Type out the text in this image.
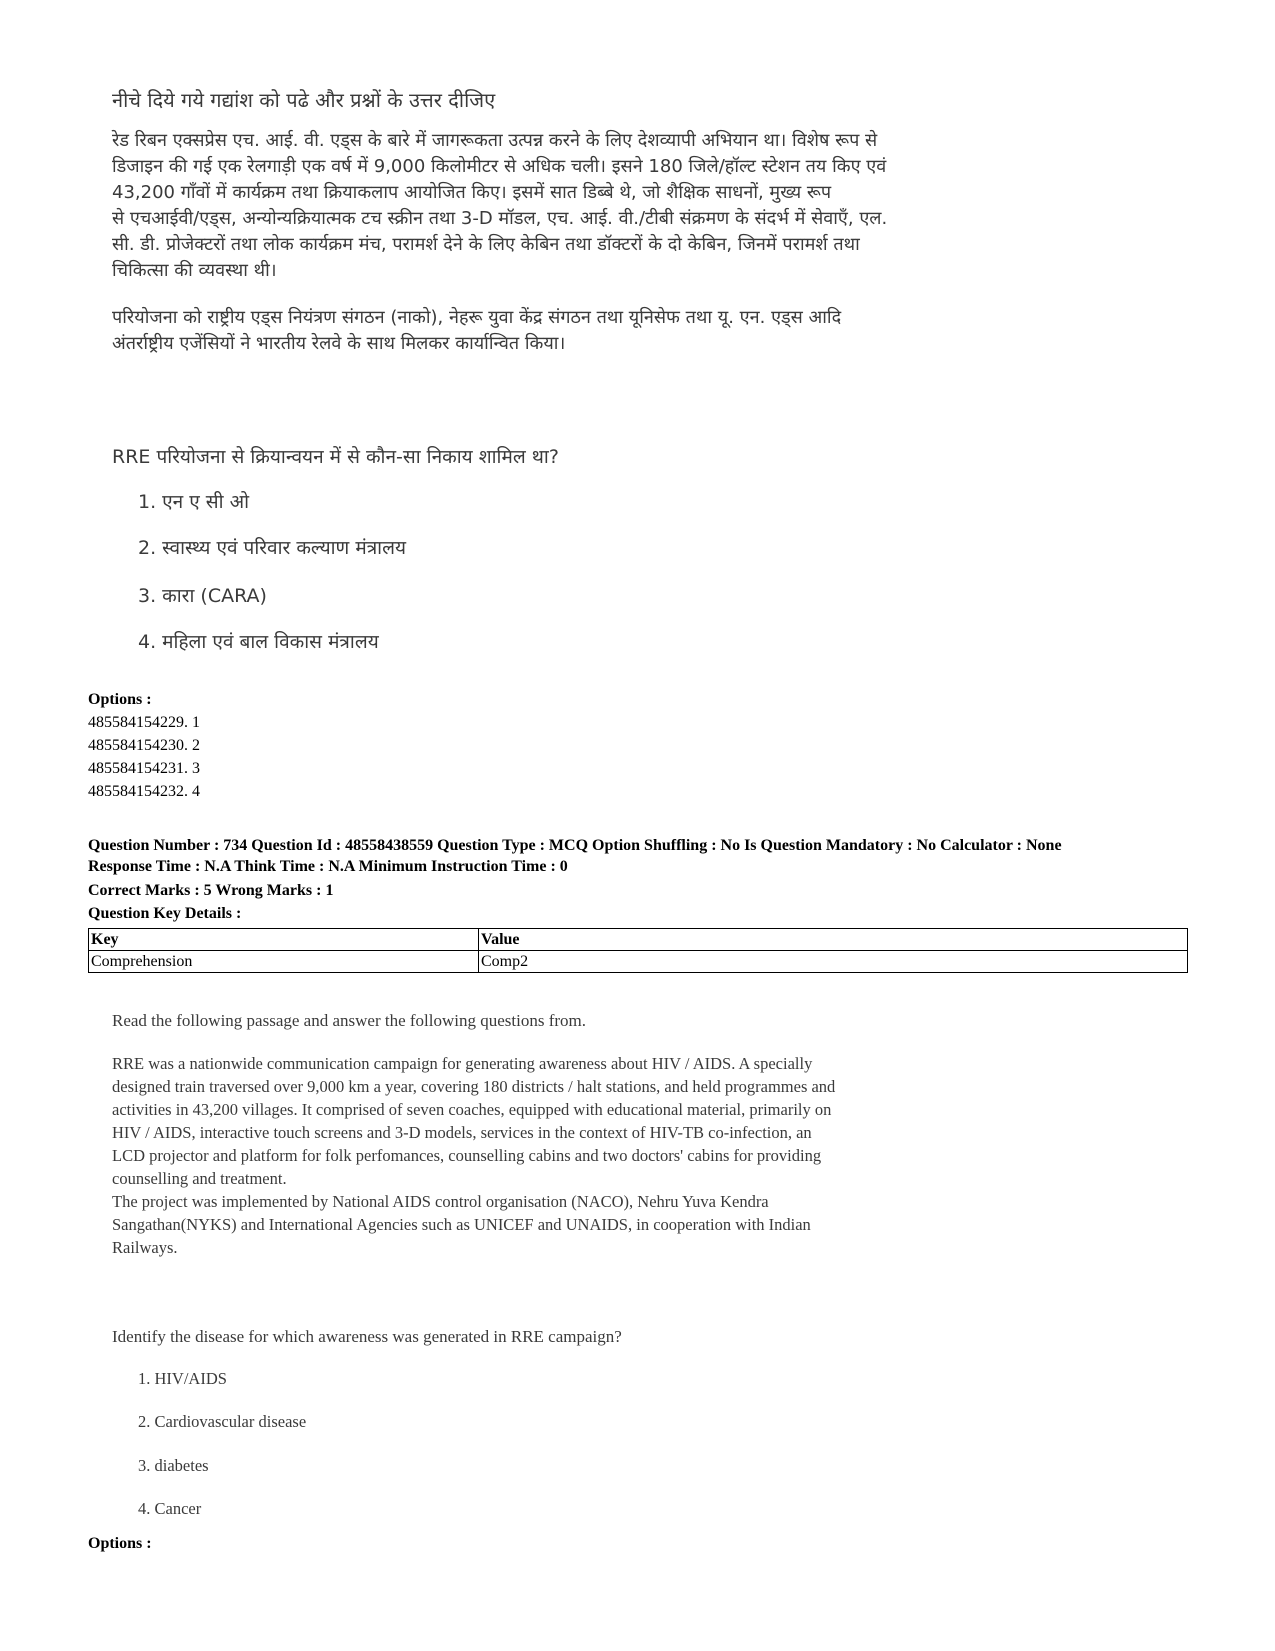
नीचे दिये गये गद्यांश को पढे और प्रश्नों के उत्तर दीजिए
रेड रिबन एक्सप्रेस एच. आई. वी. एड्स के बारे में जागरूकता उत्पन्न करने के लिए देशव्यापी अभियान था। विशेष रूप से
डिजाइन की गई एक रेलगाड़ी एक वर्ष में 9,000 किलोमीटर से अधिक चली। इसने 180 जिले/हॉल्ट स्टेशन तय किए एवं
43,200 गाँवों में कार्यक्रम तथा क्रियाकलाप आयोजित किए। इसमें सात डिब्बे थे, जो शैक्षिक साधनों, मुख्य रूप
से एचआईवी/एड्स, अन्योन्यक्रियात्मक टच स्क्रीन तथा 3-D मॉडल, एच. आई. वी./टीबी संक्रमण के संदर्भ में सेवाएँ, एल.
सी. डी. प्रोजेक्टरों तथा लोक कार्यक्रम मंच, परामर्श देने के लिए केबिन तथा डॉक्टरों के दो केबिन, जिनमें परामर्श तथा
चिकित्सा की व्यवस्था थी।
परियोजना को राष्ट्रीय एड्स नियंत्रण संगठन (नाको), नेहरू युवा केंद्र संगठन तथा यूनिसेफ तथा यू. एन. एड्स आदि
अंतर्राष्ट्रीय एजेंसियों ने भारतीय रेलवे के साथ मिलकर कार्यान्वित किया।
RRE परियोजना से क्रियान्वयन में से कौन-सा निकाय शामिल था?
1. एन ए सी ओ
2. स्वास्थ्य एवं परिवार कल्याण मंत्रालय
3. कारा (CARA)
4. महिला एवं बाल विकास मंत्रालय
Options :
485584154229. 1
485584154230. 2
485584154231. 3
485584154232. 4
Question Number : 734 Question Id : 48558438559 Question Type : MCQ Option Shuffling : No Is Question Mandatory : No Calculator : None
Response Time : N.A Think Time : N.A Minimum Instruction Time : 0
Correct Marks : 5 Wrong Marks : 1
Question Key Details :
Key	Value
Comprehension	Comp2
Read the following passage and answer the following questions from.
RRE was a nationwide communication campaign for generating awareness about HIV / AIDS. A specially
designed train traversed over 9,000 km a year, covering 180 districts / halt stations, and held programmes and
activities in 43,200 villages. It comprised of seven coaches, equipped with educational material, primarily on
HIV / AIDS, interactive touch screens and 3-D models, services in the context of HIV-TB co-infection, an
LCD projector and platform for folk perfomances, counselling cabins and two doctors' cabins for providing
counselling and treatment.
The project was implemented by National AIDS control organisation (NACO), Nehru Yuva Kendra
Sangathan(NYKS) and International Agencies such as UNICEF and UNAIDS, in cooperation with Indian
Railways.
Identify the disease for which awareness was generated in RRE campaign?
1. HIV/AIDS
2. Cardiovascular disease
3. diabetes
4. Cancer
Options :
